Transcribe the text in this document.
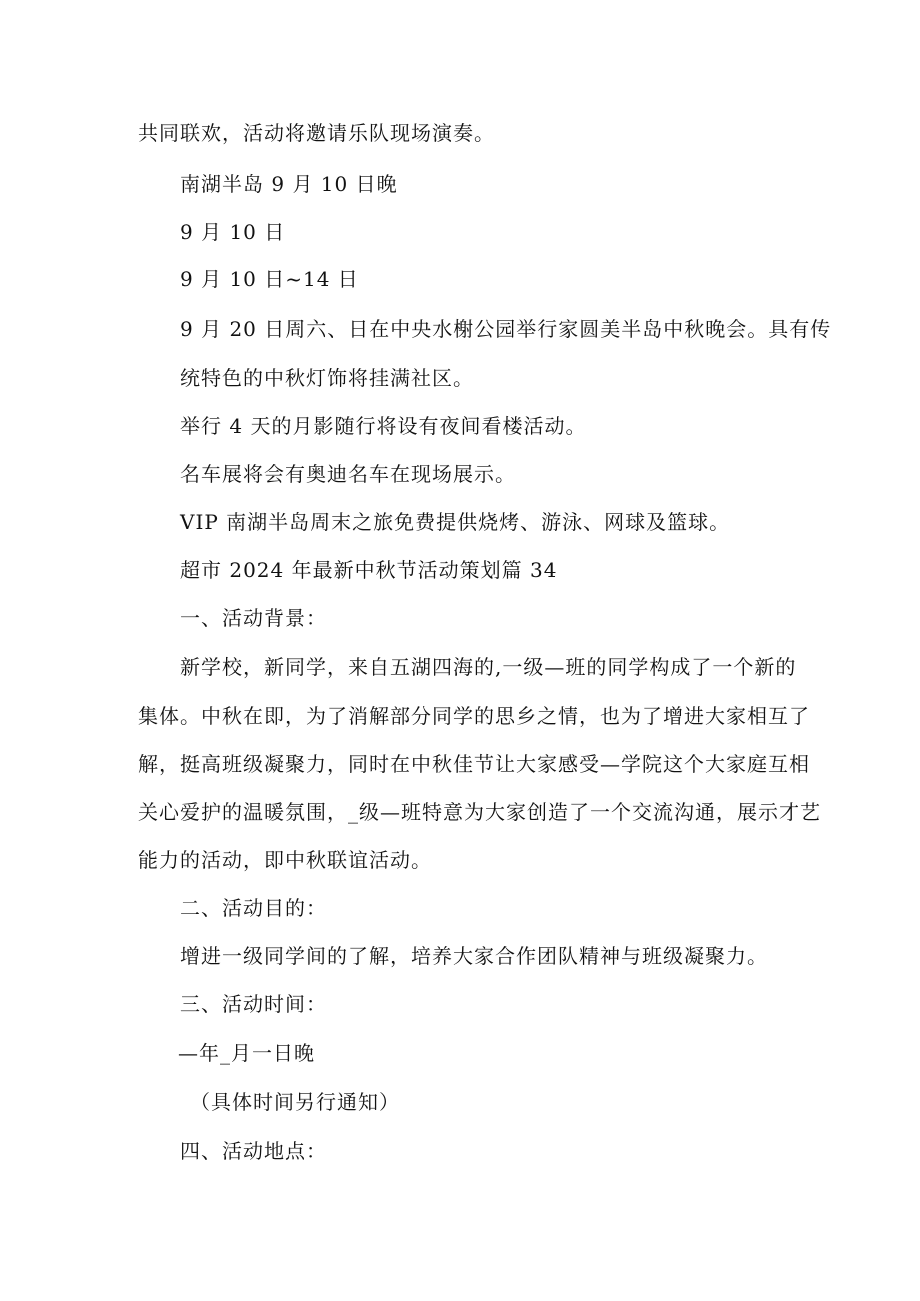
共同联欢，活动将邀请乐队现场演奏。
南湖半岛 9 月 10 日晚
9 月 10 日
9 月 10 日~14 日
9 月 20 日周六、日在中央水榭公园举行家圆美半岛中秋晚会。具有传
统特色的中秋灯饰将挂满社区。
举行 4 天的月影随行将设有夜间看楼活动。
名车展将会有奥迪名车在现场展示。
VIP 南湖半岛周末之旅免费提供烧烤、游泳、网球及篮球。
超市 2024 年最新中秋节活动策划篇 34
一、活动背景：
新学校，新同学，来自五湖四海的,一级—班的同学构成了一个新的
集体。中秋在即，为了消解部分同学的思乡之情，也为了增进大家相互了
解，挺高班级凝聚力，同时在中秋佳节让大家感受—学院这个大家庭互相
关心爱护的温暖氛围，_级—班特意为大家创造了一个交流沟通，展示才艺
能力的活动，即中秋联谊活动。
二、活动目的：
增进一级同学间的了解，培养大家合作团队精神与班级凝聚力。
三、活动时间：
—年_月一日晚
（具体时间另行通知）
四、活动地点：
